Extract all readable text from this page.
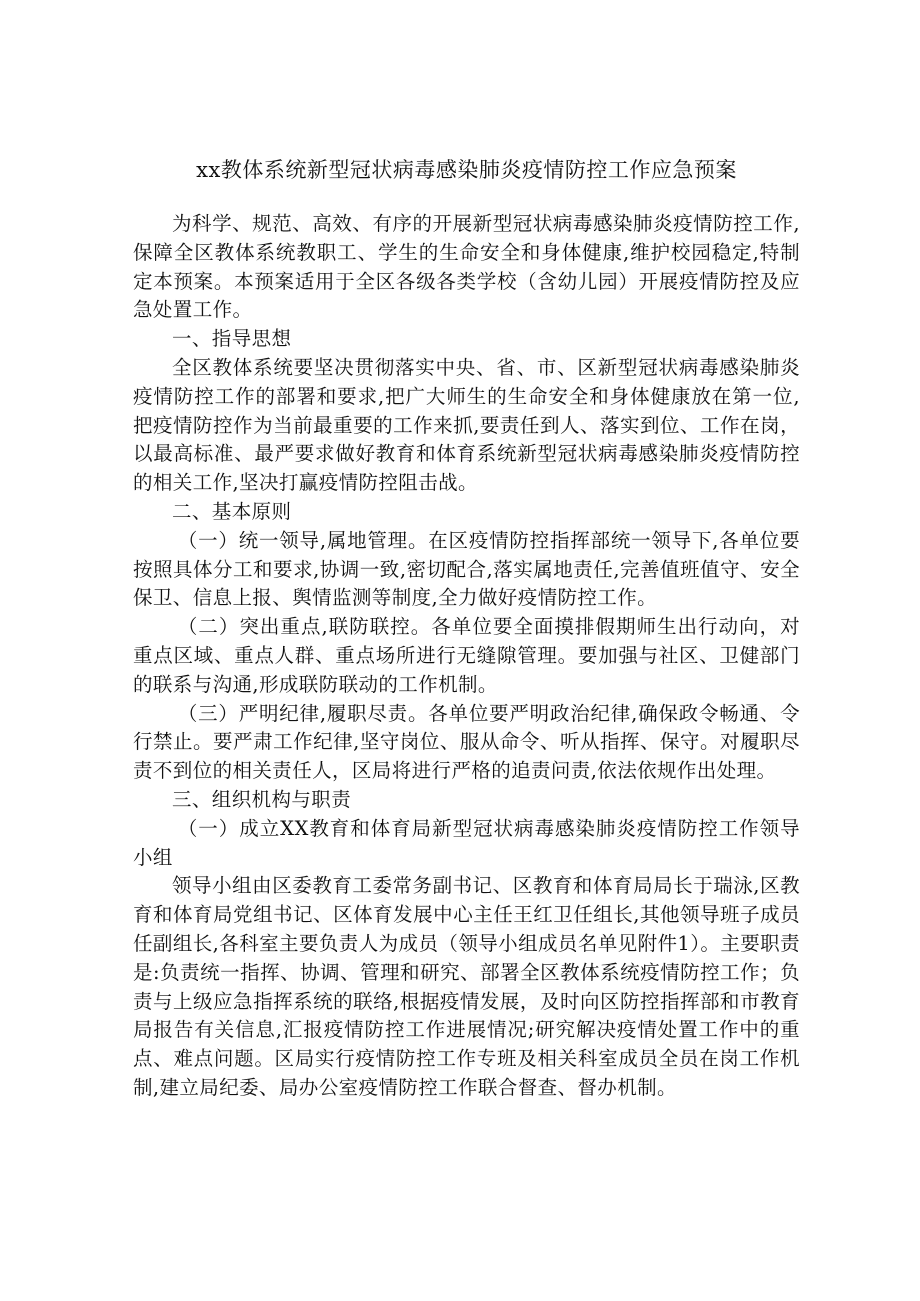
xx教体系统新型冠状病毒感染肺炎疫情防控工作应急预案

为科学、规范、高效、有序的开展新型冠状病毒感染肺炎疫情防控工作,保障全区教体系统教职工、学生的生命安全和身体健康,维护校园稳定,特制定本预案。本预案适用于全区各级各类学校（含幼儿园）开展疫情防控及应急处置工作。

一、指导思想

全区教体系统要坚决贯彻落实中央、省、市、区新型冠状病毒感染肺炎疫情防控工作的部署和要求,把广大师生的生命安全和身体健康放在第一位,把疫情防控作为当前最重要的工作来抓,要责任到人、落实到位、工作在岗，以最高标准、最严要求做好教育和体育系统新型冠状病毒感染肺炎疫情防控的相关工作,坚决打赢疫情防控阻击战。

二、基本原则

（一）统一领导,属地管理。在区疫情防控指挥部统一领导下,各单位要按照具体分工和要求,协调一致,密切配合,落实属地责任,完善值班值守、安全保卫、信息上报、舆情监测等制度,全力做好疫情防控工作。

（二）突出重点,联防联控。各单位要全面摸排假期师生出行动向，对重点区域、重点人群、重点场所进行无缝隙管理。要加强与社区、卫健部门的联系与沟通,形成联防联动的工作机制。

（三）严明纪律,履职尽责。各单位要严明政治纪律,确保政令畅通、令行禁止。要严肃工作纪律,坚守岗位、服从命令、听从指挥、保守。对履职尽责不到位的相关责任人，区局将进行严格的追责问责,依法依规作出处理。

三、组织机构与职责

（一）成立XX教育和体育局新型冠状病毒感染肺炎疫情防控工作领导小组

领导小组由区委教育工委常务副书记、区教育和体育局局长于瑞泳,区教育和体育局党组书记、区体育发展中心主任王红卫任组长,其他领导班子成员任副组长,各科室主要负责人为成员（领导小组成员名单见附件1）。主要职责是:负责统一指挥、协调、管理和研究、部署全区教体系统疫情防控工作；负责与上级应急指挥系统的联络,根据疫情发展，及时向区防控指挥部和市教育局报告有关信息,汇报疫情防控工作进展情况;研究解决疫情处置工作中的重点、难点问题。区局实行疫情防控工作专班及相关科室成员全员在岗工作机制,建立局纪委、局办公室疫情防控工作联合督查、督办机制。
